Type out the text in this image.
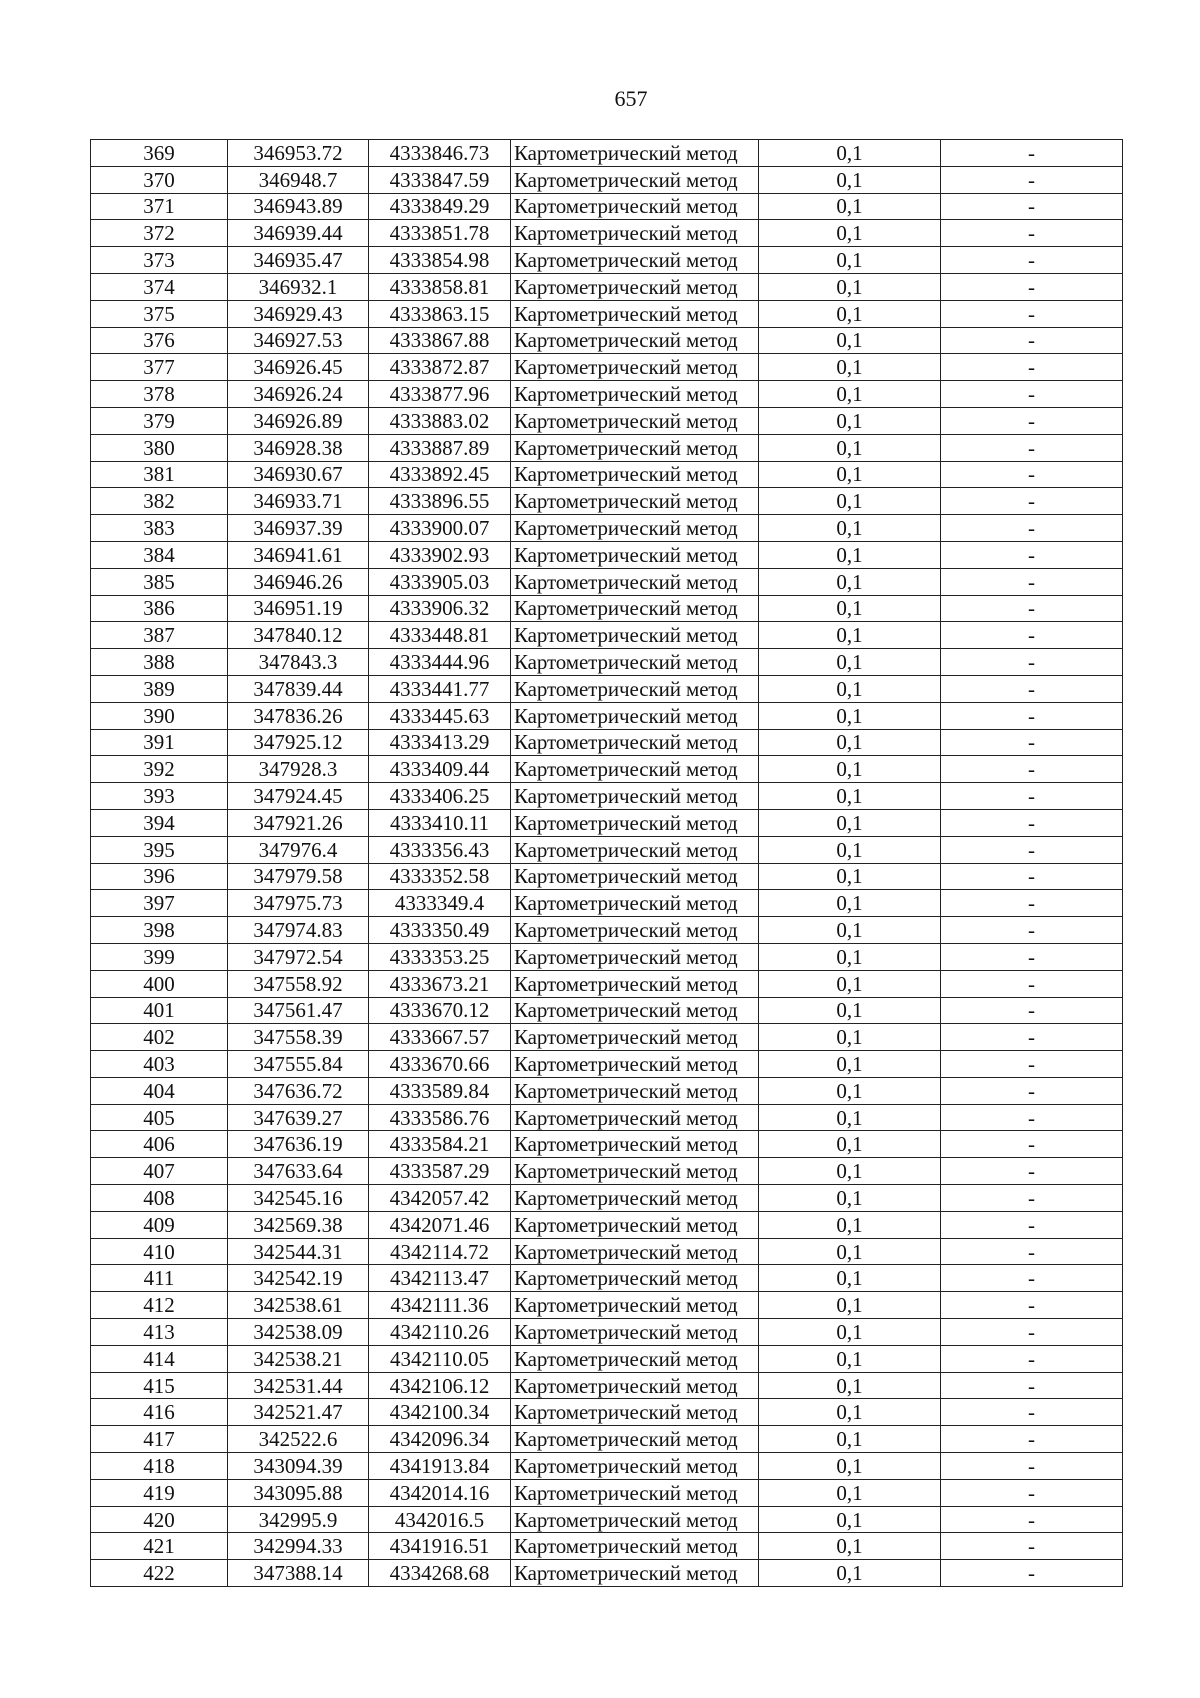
657
369	346953.72	4333846.73	Картометрический метод	0,1	-
370	346948.7	4333847.59	Картометрический метод	0,1	-
371	346943.89	4333849.29	Картометрический метод	0,1	-
372	346939.44	4333851.78	Картометрический метод	0,1	-
373	346935.47	4333854.98	Картометрический метод	0,1	-
374	346932.1	4333858.81	Картометрический метод	0,1	-
375	346929.43	4333863.15	Картометрический метод	0,1	-
376	346927.53	4333867.88	Картометрический метод	0,1	-
377	346926.45	4333872.87	Картометрический метод	0,1	-
378	346926.24	4333877.96	Картометрический метод	0,1	-
379	346926.89	4333883.02	Картометрический метод	0,1	-
380	346928.38	4333887.89	Картометрический метод	0,1	-
381	346930.67	4333892.45	Картометрический метод	0,1	-
382	346933.71	4333896.55	Картометрический метод	0,1	-
383	346937.39	4333900.07	Картометрический метод	0,1	-
384	346941.61	4333902.93	Картометрический метод	0,1	-
385	346946.26	4333905.03	Картометрический метод	0,1	-
386	346951.19	4333906.32	Картометрический метод	0,1	-
387	347840.12	4333448.81	Картометрический метод	0,1	-
388	347843.3	4333444.96	Картометрический метод	0,1	-
389	347839.44	4333441.77	Картометрический метод	0,1	-
390	347836.26	4333445.63	Картометрический метод	0,1	-
391	347925.12	4333413.29	Картометрический метод	0,1	-
392	347928.3	4333409.44	Картометрический метод	0,1	-
393	347924.45	4333406.25	Картометрический метод	0,1	-
394	347921.26	4333410.11	Картометрический метод	0,1	-
395	347976.4	4333356.43	Картометрический метод	0,1	-
396	347979.58	4333352.58	Картометрический метод	0,1	-
397	347975.73	4333349.4	Картометрический метод	0,1	-
398	347974.83	4333350.49	Картометрический метод	0,1	-
399	347972.54	4333353.25	Картометрический метод	0,1	-
400	347558.92	4333673.21	Картометрический метод	0,1	-
401	347561.47	4333670.12	Картометрический метод	0,1	-
402	347558.39	4333667.57	Картометрический метод	0,1	-
403	347555.84	4333670.66	Картометрический метод	0,1	-
404	347636.72	4333589.84	Картометрический метод	0,1	-
405	347639.27	4333586.76	Картометрический метод	0,1	-
406	347636.19	4333584.21	Картометрический метод	0,1	-
407	347633.64	4333587.29	Картометрический метод	0,1	-
408	342545.16	4342057.42	Картометрический метод	0,1	-
409	342569.38	4342071.46	Картометрический метод	0,1	-
410	342544.31	4342114.72	Картометрический метод	0,1	-
411	342542.19	4342113.47	Картометрический метод	0,1	-
412	342538.61	4342111.36	Картометрический метод	0,1	-
413	342538.09	4342110.26	Картометрический метод	0,1	-
414	342538.21	4342110.05	Картометрический метод	0,1	-
415	342531.44	4342106.12	Картометрический метод	0,1	-
416	342521.47	4342100.34	Картометрический метод	0,1	-
417	342522.6	4342096.34	Картометрический метод	0,1	-
418	343094.39	4341913.84	Картометрический метод	0,1	-
419	343095.88	4342014.16	Картометрический метод	0,1	-
420	342995.9	4342016.5	Картометрический метод	0,1	-
421	342994.33	4341916.51	Картометрический метод	0,1	-
422	347388.14	4334268.68	Картометрический метод	0,1	-
